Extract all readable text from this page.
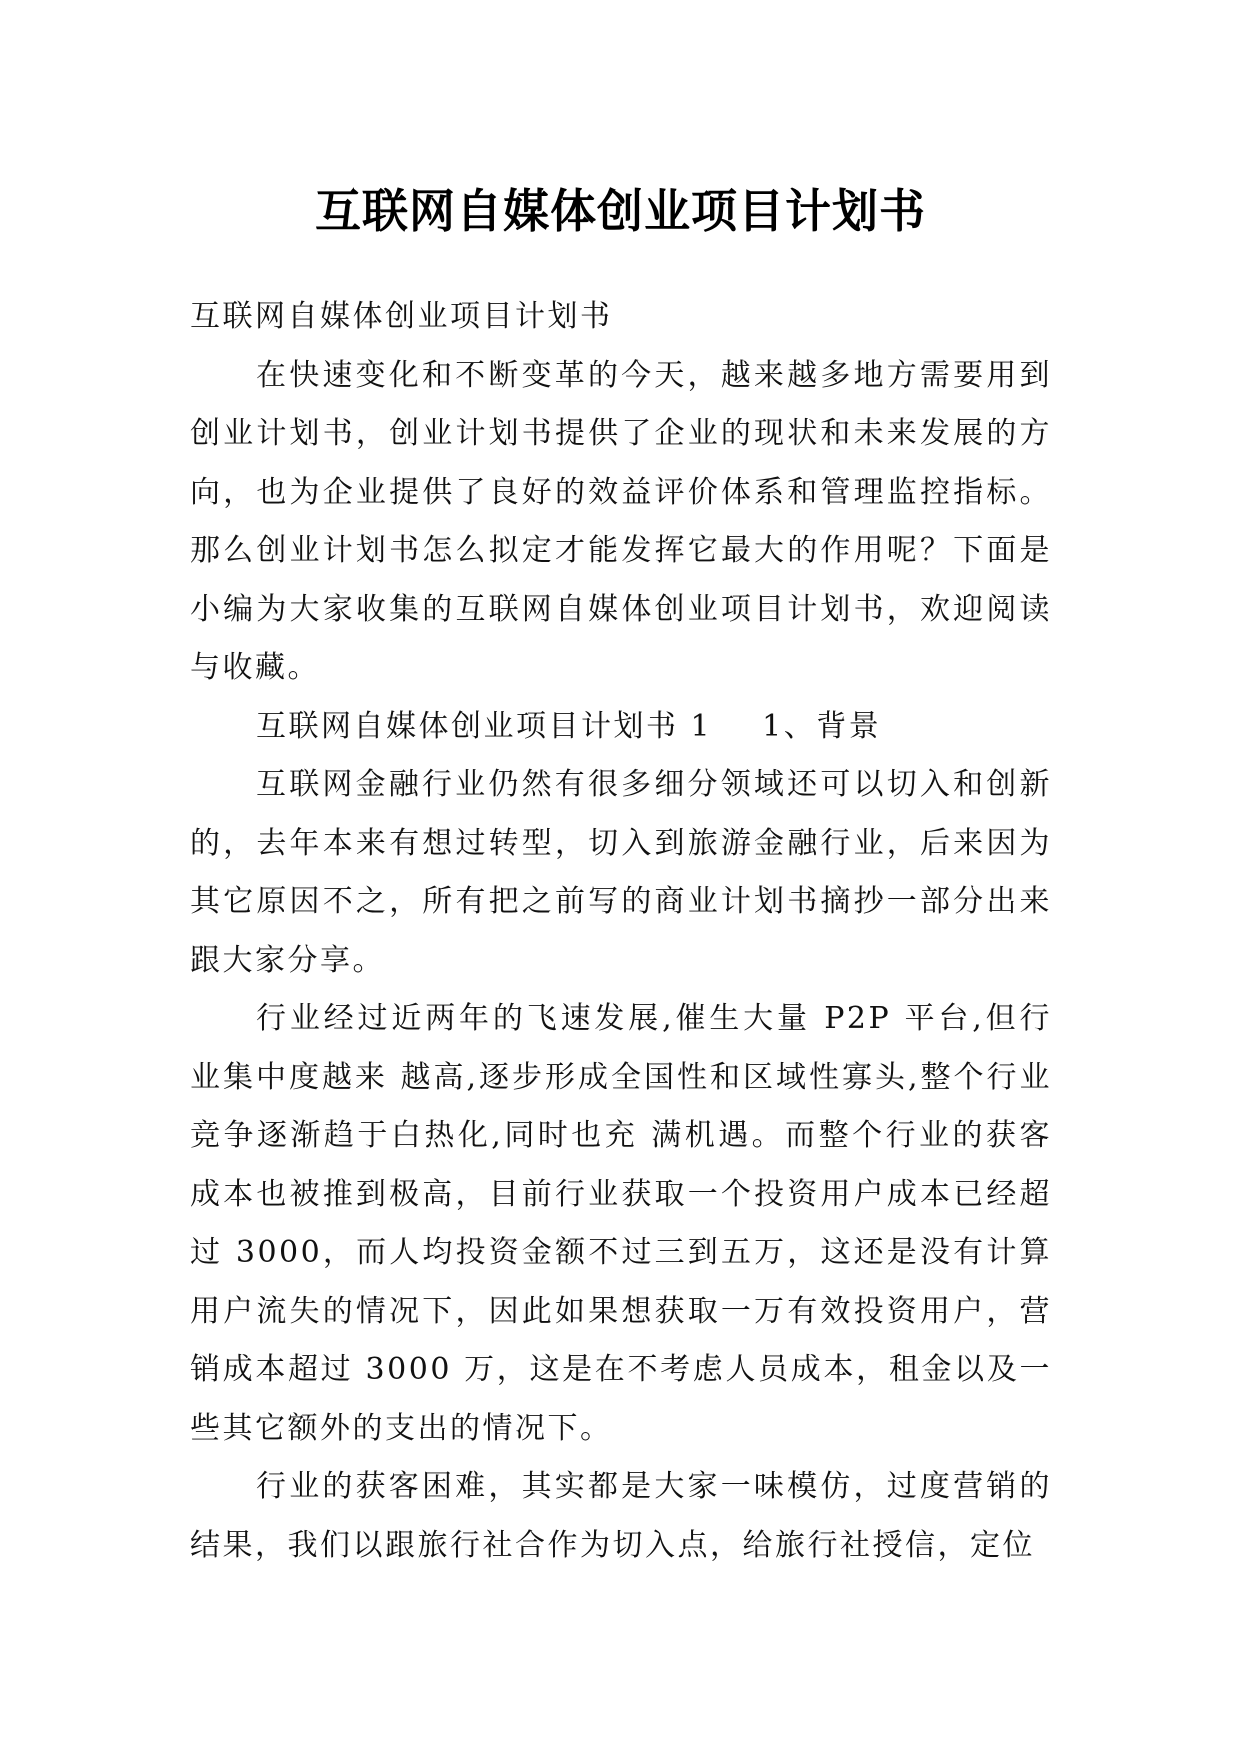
互联网自媒体创业项目计划书

互联网自媒体创业项目计划书

在快速变化和不断变革的今天，越来越多地方需要用到创业计划书，创业计划书提供了企业的现状和未来发展的方向，也为企业提供了良好的效益评价体系和管理监控指标。那么创业计划书怎么拟定才能发挥它最大的作用呢？下面是小编为大家收集的互联网自媒体创业项目计划书，欢迎阅读与收藏。

互联网自媒体创业项目计划书 1 1、背景

互联网金融行业仍然有很多细分领域还可以切入和创新的，去年本来有想过转型，切入到旅游金融行业，后来因为其它原因不之，所有把之前写的商业计划书摘抄一部分出来跟大家分享。

行业经过近两年的飞速发展,催生大量 P2P 平台,但行业集中度越来 越高,逐步形成全国性和区域性寡头,整个行业竞争逐渐趋于白热化,同时也充 满机遇。而整个行业的获客成本也被推到极高，目前行业获取一个投资用户成本已经超过 3000，而人均投资金额不过三到五万，这还是没有计算用户流失的情况下，因此如果想获取一万有效投资用户，营销成本超过 3000 万，这是在不考虑人员成本，租金以及一些其它额外的支出的情况下。

行业的获客困难，其实都是大家一味模仿，过度营销的结果，我们以跟旅行社合作为切入点，给旅行社授信，定位
